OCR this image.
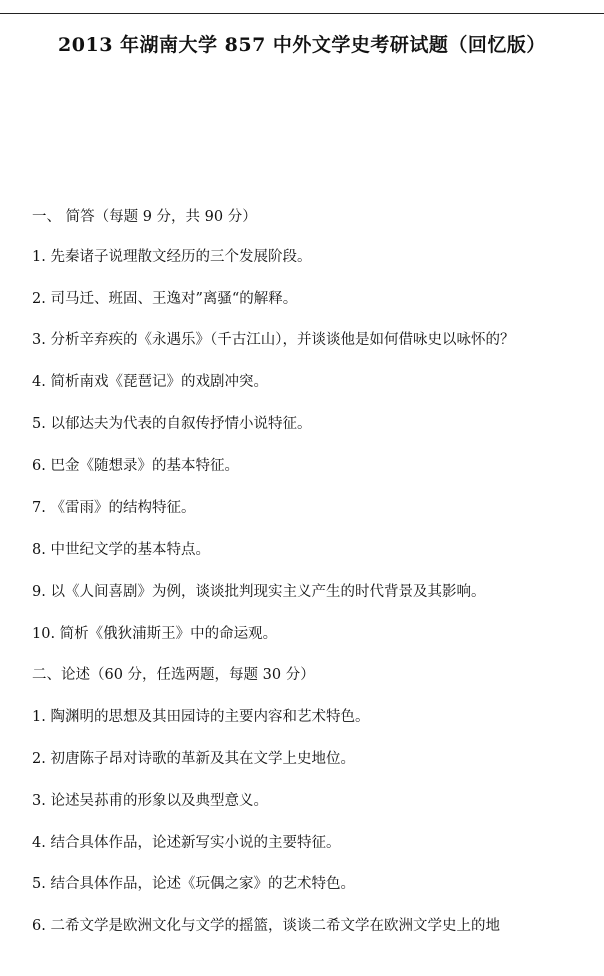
2013 年湖南大学 857 中外文学史考研试题（回忆版）
一、 简答（每题 9 分，共 90 分）
1. 先秦诸子说理散文经历的三个发展阶段。
2. 司马迁、班固、王逸对”离骚“的解释。
3. 分析辛弃疾的《永遇乐》（千古江山），并谈谈他是如何借咏史以咏怀的？
4. 简析南戏《琵琶记》的戏剧冲突。
5. 以郁达夫为代表的自叙传抒情小说特征。
6. 巴金《随想录》的基本特征。
7. 《雷雨》的结构特征。
8. 中世纪文学的基本特点。
9. 以《人间喜剧》为例，谈谈批判现实主义产生的时代背景及其影响。
10. 简析《俄狄浦斯王》中的命运观。
二、论述（60 分，任选两题，每题 30 分）
1. 陶渊明的思想及其田园诗的主要内容和艺术特色。
2. 初唐陈子昂对诗歌的革新及其在文学上史地位。
3. 论述吴荪甫的形象以及典型意义。
4. 结合具体作品，论述新写实小说的主要特征。
5. 结合具体作品，论述《玩偶之家》的艺术特色。
6. 二希文学是欧洲文化与文学的摇篮，谈谈二希文学在欧洲文学史上的地
